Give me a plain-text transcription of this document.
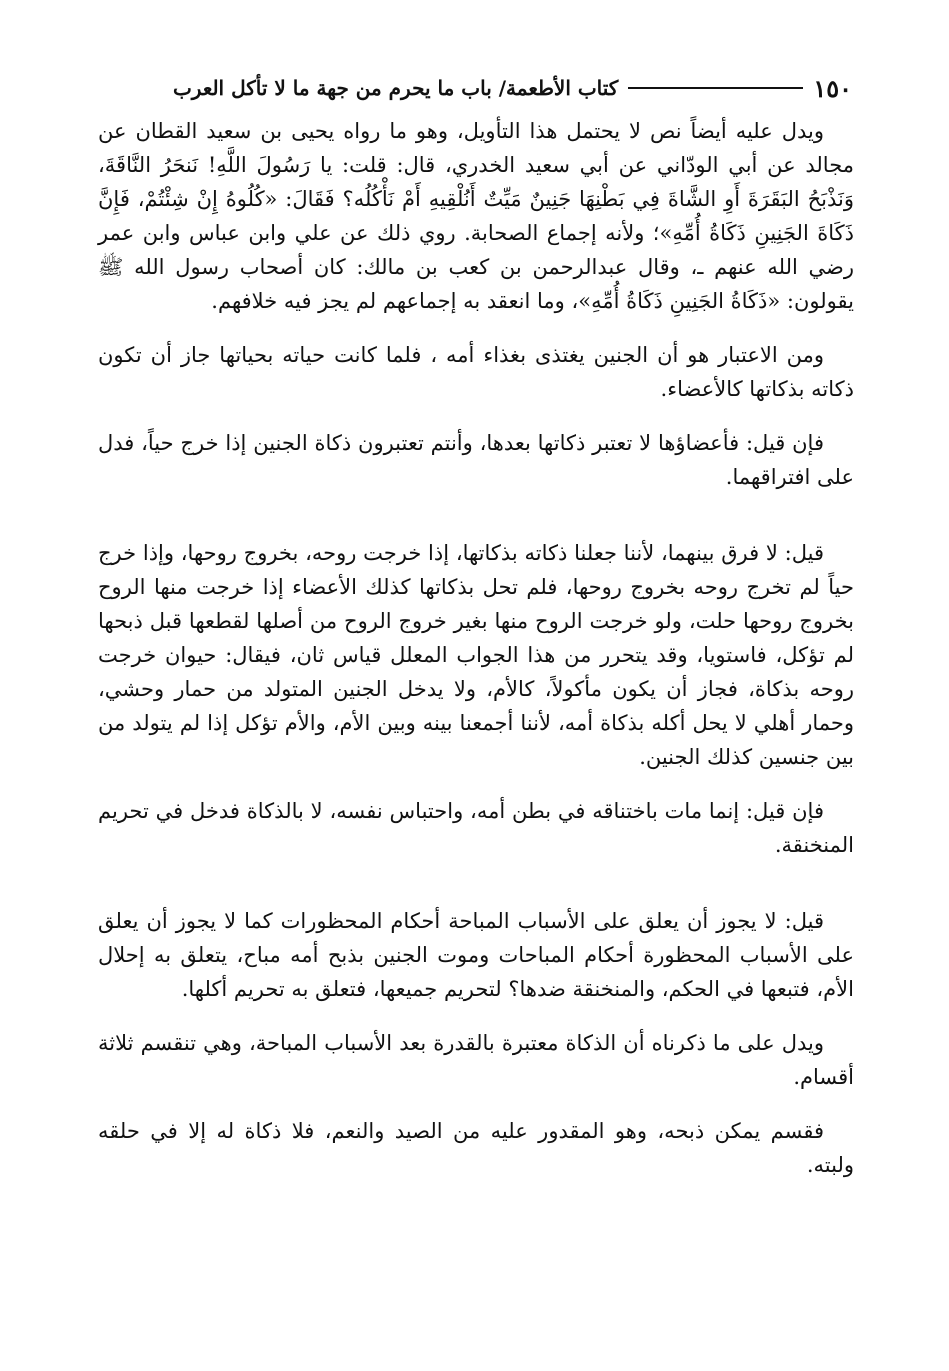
١٥٠
كتاب الأطعمة/ باب ما يحرم من جهة ما لا تأكل العرب

ويدل عليه أيضاً نص لا يحتمل هذا التأويل، وهو ما رواه يحيى بن سعيد القطان عن مجالد عن أبي الودّاني عن أبي سعيد الخدري، قال: قلت: يا رَسُولَ اللَّهِ! نَنحَرُ النَّاقَةَ، وَنَذْبَحُ البَقَرَةَ أَوِ الشَّاةَ فِي بَطْنِهَا جَنِينٌ مَيِّتٌ أَنُلْقِيهِ أَمْ نَأْكُلُه؟ فَقَالَ: «كُلُوهُ إِنْ شِئْتُمْ، فَإِنَّ ذَكَاةَ الجَنِينِ ذَكَاةُ أُمِّهِ»؛ ولأنه إجماع الصحابة. روي ذلك عن علي وابن عباس وابن عمر رضي الله عنهم ـ، وقال عبدالرحمن بن كعب بن مالك: كان أصحاب رسول الله ﷺ يقولون: «ذَكَاةُ الجَنِينِ ذَكَاةُ أُمِّهِ»، وما انعقد به إجماعهم لم يجز فيه خلافهم.

ومن الاعتبار هو أن الجنين يغتذى بغذاء أمه ، فلما كانت حياته بحياتها جاز أن تكون ذكاته بذكاتها كالأعضاء.

فإن قيل: فأعضاؤها لا تعتبر ذكاتها بعدها، وأنتم تعتبرون ذكاة الجنين إذا خرج حياً، فدل على افتراقهما.

قيل: لا فرق بينهما، لأننا جعلنا ذكاته بذكاتها، إذا خرجت روحه، بخروج روحها، وإذا خرج حياً لم تخرج روحه بخروج روحها، فلم تحل بذكاتها كذلك الأعضاء إذا خرجت منها الروح بخروج روحها حلت، ولو خرجت الروح منها بغير خروج الروح من أصلها لقطعها قبل ذبحها لم تؤكل، فاستويا، وقد يتحرر من هذا الجواب المعلل قياس ثان، فيقال: حيوان خرجت روحه بذكاة، فجاز أن يكون مأكولاً، كالأم، ولا يدخل الجنين المتولد من حمار وحشي، وحمار أهلي لا يحل أكله بذكاة أمه، لأننا أجمعنا بينه وبين الأم، والأم تؤكل إذا لم يتولد من بين جنسين كذلك الجنين.

فإن قيل: إنما مات باختناقه في بطن أمه، واحتباس نفسه، لا بالذكاة فدخل في تحريم المنخنقة.

قيل: لا يجوز أن يعلق على الأسباب المباحة أحكام المحظورات كما لا يجوز أن يعلق على الأسباب المحظورة أحكام المباحات وموت الجنين بذبح أمه مباح، يتعلق به إحلال الأم، فتبعها في الحكم، والمنخنقة ضدها؟ لتحريم جميعها، فتعلق به تحريم أكلها.

ويدل على ما ذكرناه أن الذكاة معتبرة بالقدرة بعد الأسباب المباحة، وهي تنقسم ثلاثة أقسام.

فقسم يمكن ذبحه، وهو المقدور عليه من الصيد والنعم، فلا ذكاة له إلا في حلقه ولبته.
